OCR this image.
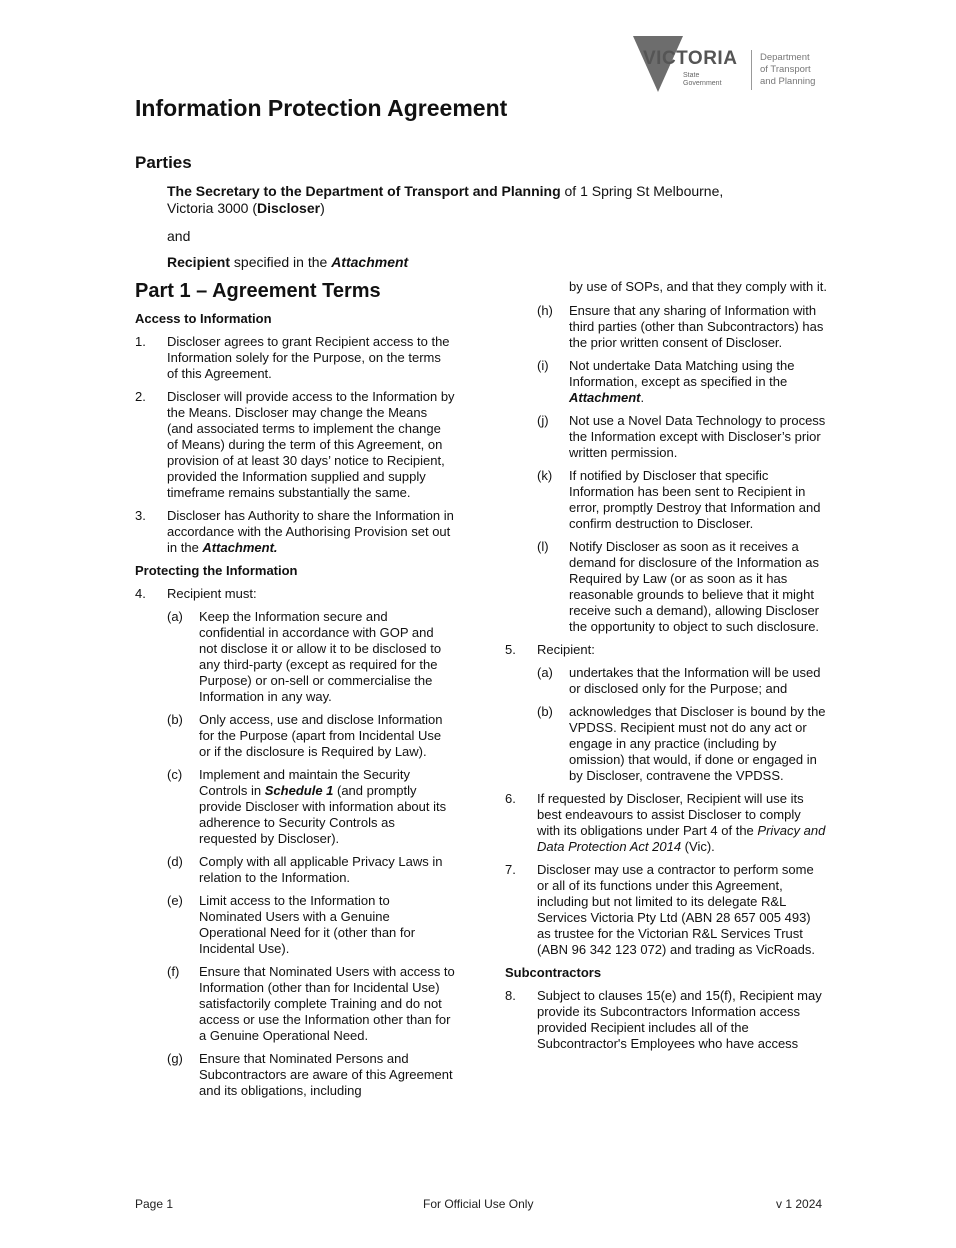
VICTORIA
State
Government
Department
of Transport
and Planning
Information Protection Agreement
Parties

The Secretary to the Department of Transport and Planning of 1 Spring St Melbourne,
Victoria 3000 (Discloser)

and

Recipient specified in the Attachment

Part 1 – Agreement Terms

Access to Information

1. Discloser agrees to grant Recipient access to the Information solely for the Purpose, on the terms of this Agreement.

2. Discloser will provide access to the Information by the Means. Discloser may change the Means (and associated terms to implement the change of Means) during the term of this Agreement, on provision of at least 30 days’ notice to Recipient, provided the Information supplied and supply timeframe remains substantially the same.

3. Discloser has Authority to share the Information in accordance with the Authorising Provision set out in the Attachment.

Protecting the Information

4. Recipient must:

(a) Keep the Information secure and confidential in accordance with GOP and not disclose it or allow it to be disclosed to any third-party (except as required for the Purpose) or on-sell or commercialise the Information in any way.

(b) Only access, use and disclose Information for the Purpose (apart from Incidental Use or if the disclosure is Required by Law).

(c) Implement and maintain the Security Controls in Schedule 1 (and promptly provide Discloser with information about its adherence to Security Controls as requested by Discloser).

(d) Comply with all applicable Privacy Laws in relation to the Information.

(e) Limit access to the Information to Nominated Users with a Genuine Operational Need for it (other than for Incidental Use).

(f) Ensure that Nominated Users with access to Information (other than for Incidental Use) satisfactorily complete Training and do not access or use the Information other than for a Genuine Operational Need.

(g) Ensure that Nominated Persons and Subcontractors are aware of this Agreement and its obligations, including

by use of SOPs, and that they comply with it.

(h) Ensure that any sharing of Information with third parties (other than Subcontractors) has the prior written consent of Discloser.

(i) Not undertake Data Matching using the Information, except as specified in the Attachment.

(j) Not use a Novel Data Technology to process the Information except with Discloser’s prior written permission.

(k) If notified by Discloser that specific Information has been sent to Recipient in error, promptly Destroy that Information and confirm destruction to Discloser.

(l) Notify Discloser as soon as it receives a demand for disclosure of the Information as Required by Law (or as soon as it has reasonable grounds to believe that it might receive such a demand), allowing Discloser the opportunity to object to such disclosure.

5. Recipient:

(a) undertakes that the Information will be used or disclosed only for the Purpose; and

(b) acknowledges that Discloser is bound by the VPDSS. Recipient must not do any act or engage in any practice (including by omission) that would, if done or engaged in by Discloser, contravene the VPDSS.

6. If requested by Discloser, Recipient will use its best endeavours to assist Discloser to comply with its obligations under Part 4 of the Privacy and Data Protection Act 2014 (Vic).

7. Discloser may use a contractor to perform some or all of its functions under this Agreement, including but not limited to its delegate R&L Services Victoria Pty Ltd (ABN 28 657 005 493) as trustee for the Victorian R&L Services Trust (ABN 96 342 123 072) and trading as VicRoads.

Subcontractors

8. Subject to clauses 15(e) and 15(f), Recipient may provide its Subcontractors Information access provided Recipient includes all of the Subcontractor's Employees who have access

Page 1	For Official Use Only	v 1 2024
